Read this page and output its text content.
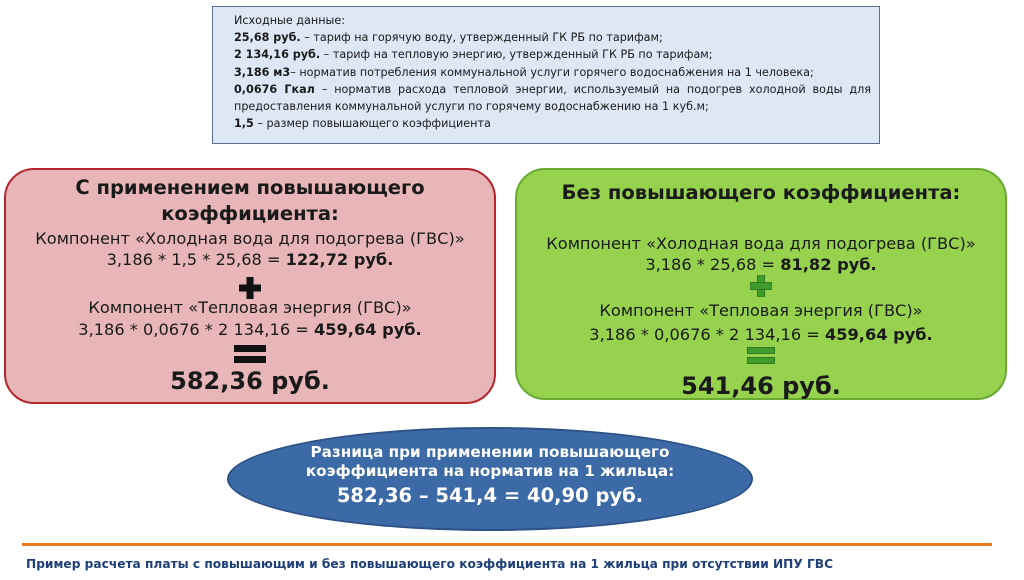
Исходные данные:
25,68 руб. – тариф на горячую воду, утвержденный ГК РБ по тарифам;
2 134,16 руб. – тариф на тепловую энергию, утвержденный ГК РБ по тарифам;
3,186 м3– норматив потребления коммунальной услуги горячего водоснабжения на 1 человека;
0,0676 Гкал – норматив расхода тепловой энергии, используемый на подогрев холодной воды для предоставления коммунальной услуги по горячему водоснабжению на 1 куб.м;
1,5 – размер повышающего коэффициента
С применением повышающего
коэффициента:
Компонент «Холодная вода для подогрева (ГВС)»
3,186 * 1,5 * 25,68 = 122,72 руб.
Компонент «Тепловая энергия (ГВС)»
3,186 * 0,0676 * 2 134,16 = 459,64 руб.
582,36 руб.
Без повышающего коэффициента:
Компонент «Холодная вода для подогрева (ГВС)»
3,186 * 25,68 = 81,82 руб.
Компонент «Тепловая энергия (ГВС)»
3,186 * 0,0676 * 2 134,16 = 459,64 руб.
541,46 руб.
Разница при применении повышающего
коэффициента на норматив на 1 жильца:
582,36 – 541,4 = 40,90 руб.
Пример расчета платы с повышающим и без повышающего коэффициента на 1 жильца при отсутствии ИПУ ГВС
